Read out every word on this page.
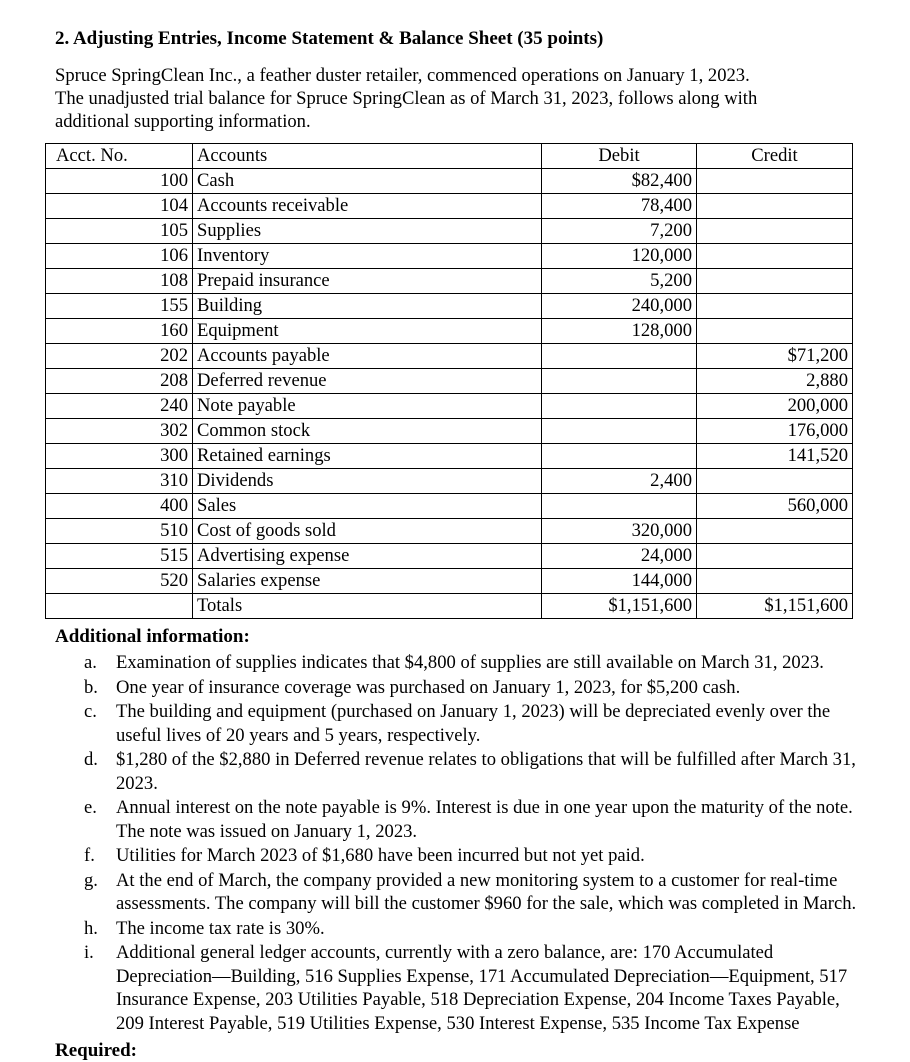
2. Adjusting Entries, Income Statement & Balance Sheet (35 points)
Spruce SpringClean Inc., a feather duster retailer, commenced operations on January 1, 2023.
The unadjusted trial balance for Spruce SpringClean as of March 31, 2023, follows along with
additional supporting information.
Acct. No.	Accounts	Debit	Credit
100	Cash	$82,400	
104	Accounts receivable	78,400	
105	Supplies	7,200	
106	Inventory	120,000	
108	Prepaid insurance	5,200	
155	Building	240,000	
160	Equipment	128,000	
202	Accounts payable		$71,200
208	Deferred revenue		2,880
240	Note payable		200,000
302	Common stock		176,000
300	Retained earnings		141,520
310	Dividends	2,400	
400	Sales		560,000
510	Cost of goods sold	320,000	
515	Advertising expense	24,000	
520	Salaries expense	144,000	
	Totals	$1,151,600	$1,151,600
Additional information:
a.	Examination of supplies indicates that $4,800 of supplies are still available on March 31, 2023.
b. One year of insurance coverage was purchased on January 1, 2023, for $5,200 cash.
c.	The building and equipment (purchased on January 1, 2023) will be depreciated evenly over the
useful lives of 20 years and 5 years, respectively.
d. $1,280 of the $2,880 in Deferred revenue relates to obligations that will be fulfilled after March 31,
2023.
e.	Annual interest on the note payable is 9%. Interest is due in one year upon the maturity of the note.
The note was issued on January 1, 2023.
f.	Utilities for March 2023 of $1,680 have been incurred but not yet paid.
g. At the end of March, the company provided a new monitoring system to a customer for real-time
assessments. The company will bill the customer $960 for the sale, which was completed in March.
h. The income tax rate is 30%.
i.	Additional general ledger accounts, currently with a zero balance, are: 170 Accumulated
Depreciation—Building, 516 Supplies Expense, 171 Accumulated Depreciation—Equipment, 517
Insurance Expense, 203 Utilities Payable, 518 Depreciation Expense, 204 Income Taxes Payable,
209 Interest Payable, 519 Utilities Expense, 530 Interest Expense, 535 Income Tax Expense
Required:
